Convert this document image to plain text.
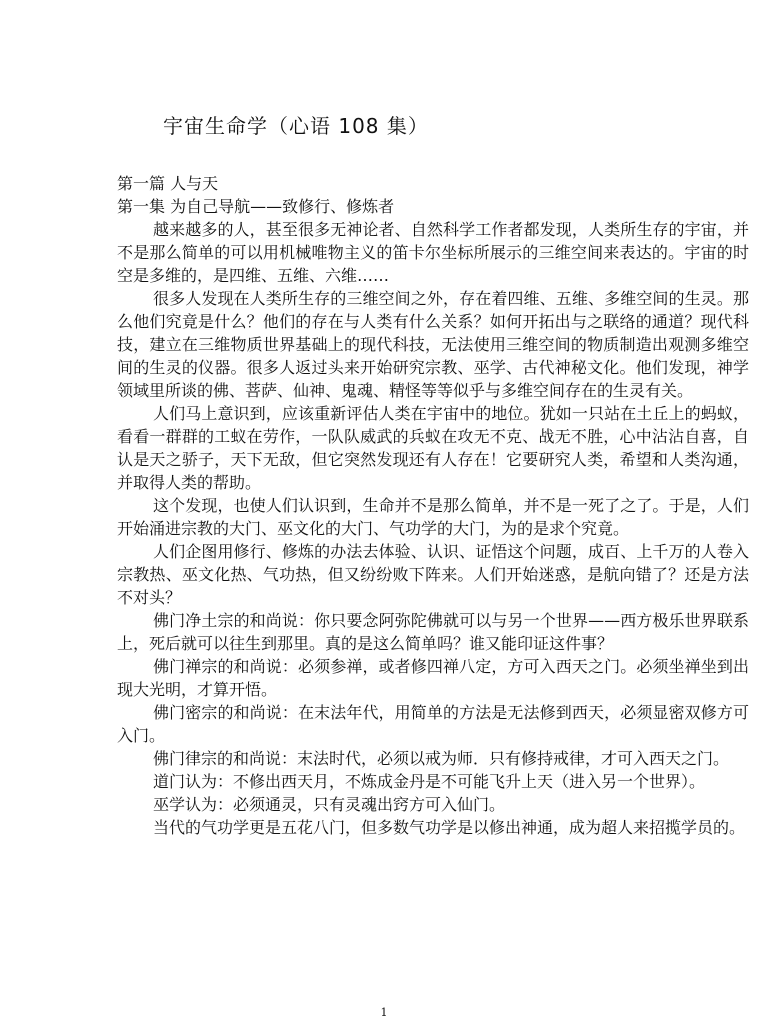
宇宙生命学（心语 108 集）

第一篇 人与天

第一集 为自己导航——致修行、修炼者

越来越多的人，甚至很多无神论者、自然科学工作者都发现，人类所生存的宇宙，并不是那么简单的可以用机械唯物主义的笛卡尔坐标所展示的三维空间来表达的。宇宙的时空是多维的，是四维、五维、六维……

很多人发现在人类所生存的三维空间之外，存在着四维、五维、多维空间的生灵。那么他们究竟是什么？他们的存在与人类有什么关系？如何开拓出与之联络的通道？现代科技，建立在三维物质世界基础上的现代科技，无法使用三维空间的物质制造出观测多维空间的生灵的仪器。很多人返过头来开始研究宗教、巫学、古代神秘文化。他们发现，神学领域里所谈的佛、菩萨、仙神、鬼魂、精怪等等似乎与多维空间存在的生灵有关。

人们马上意识到，应该重新评估人类在宇宙中的地位。犹如一只站在土丘上的蚂蚁，看看一群群的工蚁在劳作，一队队威武的兵蚁在攻无不克、战无不胜，心中沾沾自喜，自认是天之骄子，天下无敌，但它突然发现还有人存在！它要研究人类，希望和人类沟通，并取得人类的帮助。

这个发现，也使人们认识到，生命并不是那么简单，并不是一死了之了。于是，人们开始涌进宗教的大门、巫文化的大门、气功学的大门，为的是求个究竟。

人们企图用修行、修炼的办法去体验、认识、证悟这个问题，成百、上千万的人卷入宗教热、巫文化热、气功热，但又纷纷败下阵来。人们开始迷惑，是航向错了？还是方法不对头？

佛门净土宗的和尚说：你只要念阿弥陀佛就可以与另一个世界——西方极乐世界联系上，死后就可以往生到那里。真的是这么简单吗？谁又能印证这件事？

佛门禅宗的和尚说：必须参禅，或者修四禅八定，方可入西天之门。必须坐禅坐到出现大光明，才算开悟。

佛门密宗的和尚说：在末法年代，用简单的方法是无法修到西天，必须显密双修方可入门。

佛门律宗的和尚说：末法时代，必须以戒为师．只有修持戒律，才可入西天之门。

道门认为：不修出西天月，不炼成金丹是不可能飞升上天（进入另一个世界）。

巫学认为：必须通灵，只有灵魂出窍方可入仙门。

当代的气功学更是五花八门，但多数气功学是以修出神通，成为超人来招揽学员的。

1
